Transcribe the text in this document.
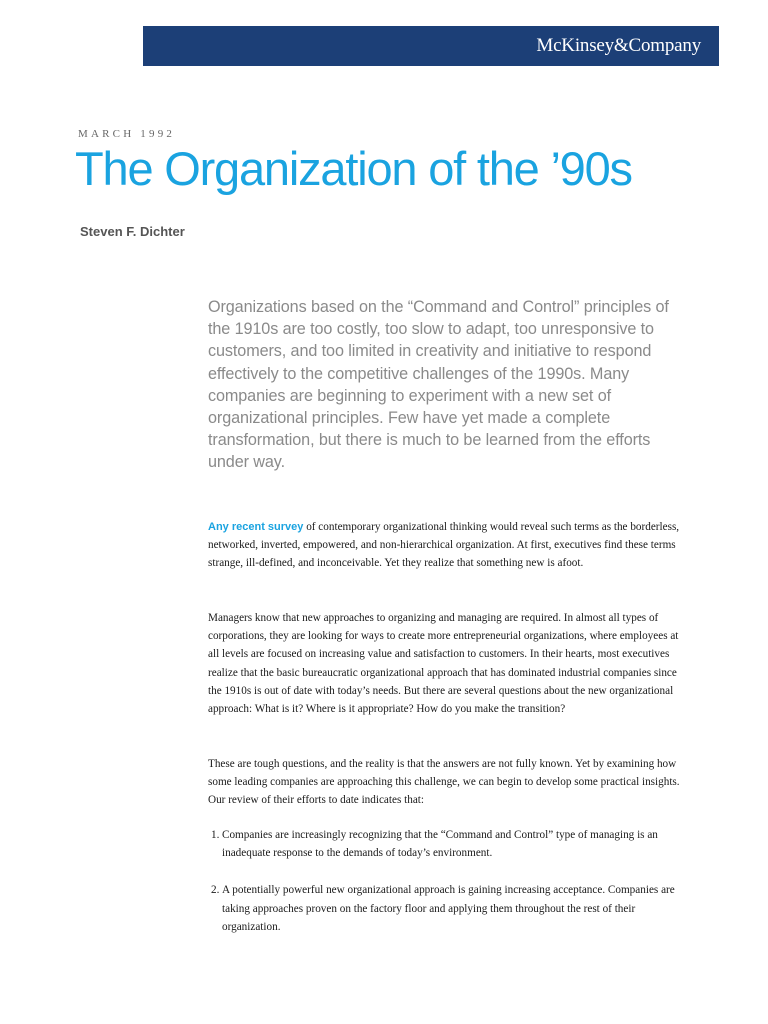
McKinsey&Company
MARCH 1992
The Organization of the ’90s
Steven F. Dichter

Organizations based on the “Command and Control” principles of the 1910s are too costly, too slow to adapt, too unresponsive to customers, and too limited in creativity and initiative to respond effectively to the competitive challenges of the 1990s. Many companies are beginning to experiment with a new set of organizational principles. Few have yet made a complete transformation, but there is much to be learned from the efforts under way.

Any recent survey of contemporary organizational thinking would reveal such terms as the borderless, networked, inverted, empowered, and non-hierarchical organization. At first, executives find these terms strange, ill-defined, and inconceivable. Yet they realize that something new is afoot.

Managers know that new approaches to organizing and managing are required. In almost all types of corporations, they are looking for ways to create more entrepreneurial organizations, where employees at all levels are focused on increasing value and satisfaction to customers. In their hearts, most executives realize that the basic bureaucratic organizational approach that has dominated industrial companies since the 1910s is out of date with today’s needs. But there are several questions about the new organizational approach: What is it? Where is it appropriate? How do you make the transition?

These are tough questions, and the reality is that the answers are not fully known. Yet by examining how some leading companies are approaching this challenge, we can begin to develop some practical insights. Our review of their efforts to date indicates that:

1. Companies are increasingly recognizing that the “Command and Control” type of managing is an inadequate response to the demands of today’s environment.
2. A potentially powerful new organizational approach is gaining increasing acceptance. Companies are taking approaches proven on the factory floor and applying them throughout the rest of their organization.
